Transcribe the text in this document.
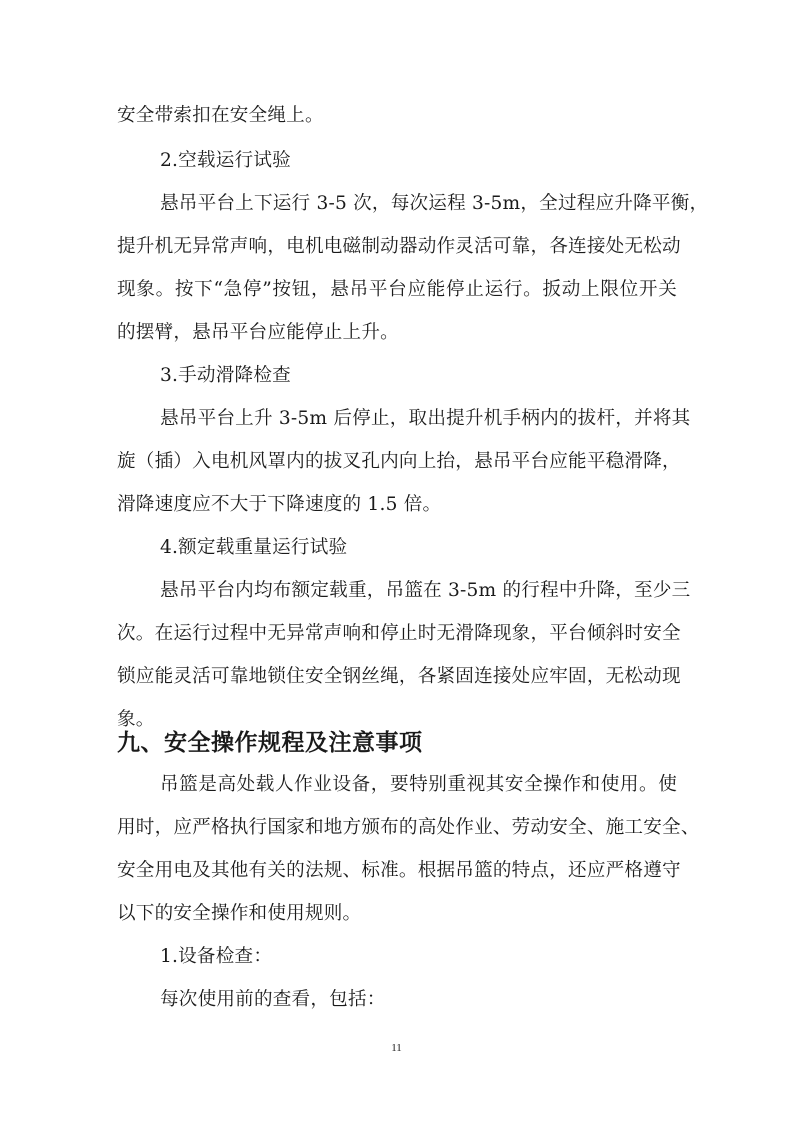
安全带索扣在安全绳上。
2.空载运行试验
悬吊平台上下运行 3-5 次，每次运程 3-5m，全过程应升降平衡，
提升机无异常声响，电机电磁制动器动作灵活可靠，各连接处无松动
现象。按下“急停”按钮，悬吊平台应能停止运行。扳动上限位开关
的摆臂，悬吊平台应能停止上升。
3.手动滑降检查
悬吊平台上升 3-5m 后停止，取出提升机手柄内的拔杆，并将其
旋（插）入电机风罩内的拔叉孔内向上抬，悬吊平台应能平稳滑降，
滑降速度应不大于下降速度的 1.5 倍。
4.额定载重量运行试验
悬吊平台内均布额定载重，吊篮在 3-5m 的行程中升降，至少三
次。在运行过程中无异常声响和停止时无滑降现象，平台倾斜时安全
锁应能灵活可靠地锁住安全钢丝绳，各紧固连接处应牢固，无松动现
象。
九、安全操作规程及注意事项
吊篮是高处载人作业设备，要特别重视其安全操作和使用。使
用时，应严格执行国家和地方颁布的高处作业、劳动安全、施工安全、
安全用电及其他有关的法规、标准。根据吊篮的特点，还应严格遵守
以下的安全操作和使用规则。
1.设备检查：
每次使用前的查看，包括：
11
